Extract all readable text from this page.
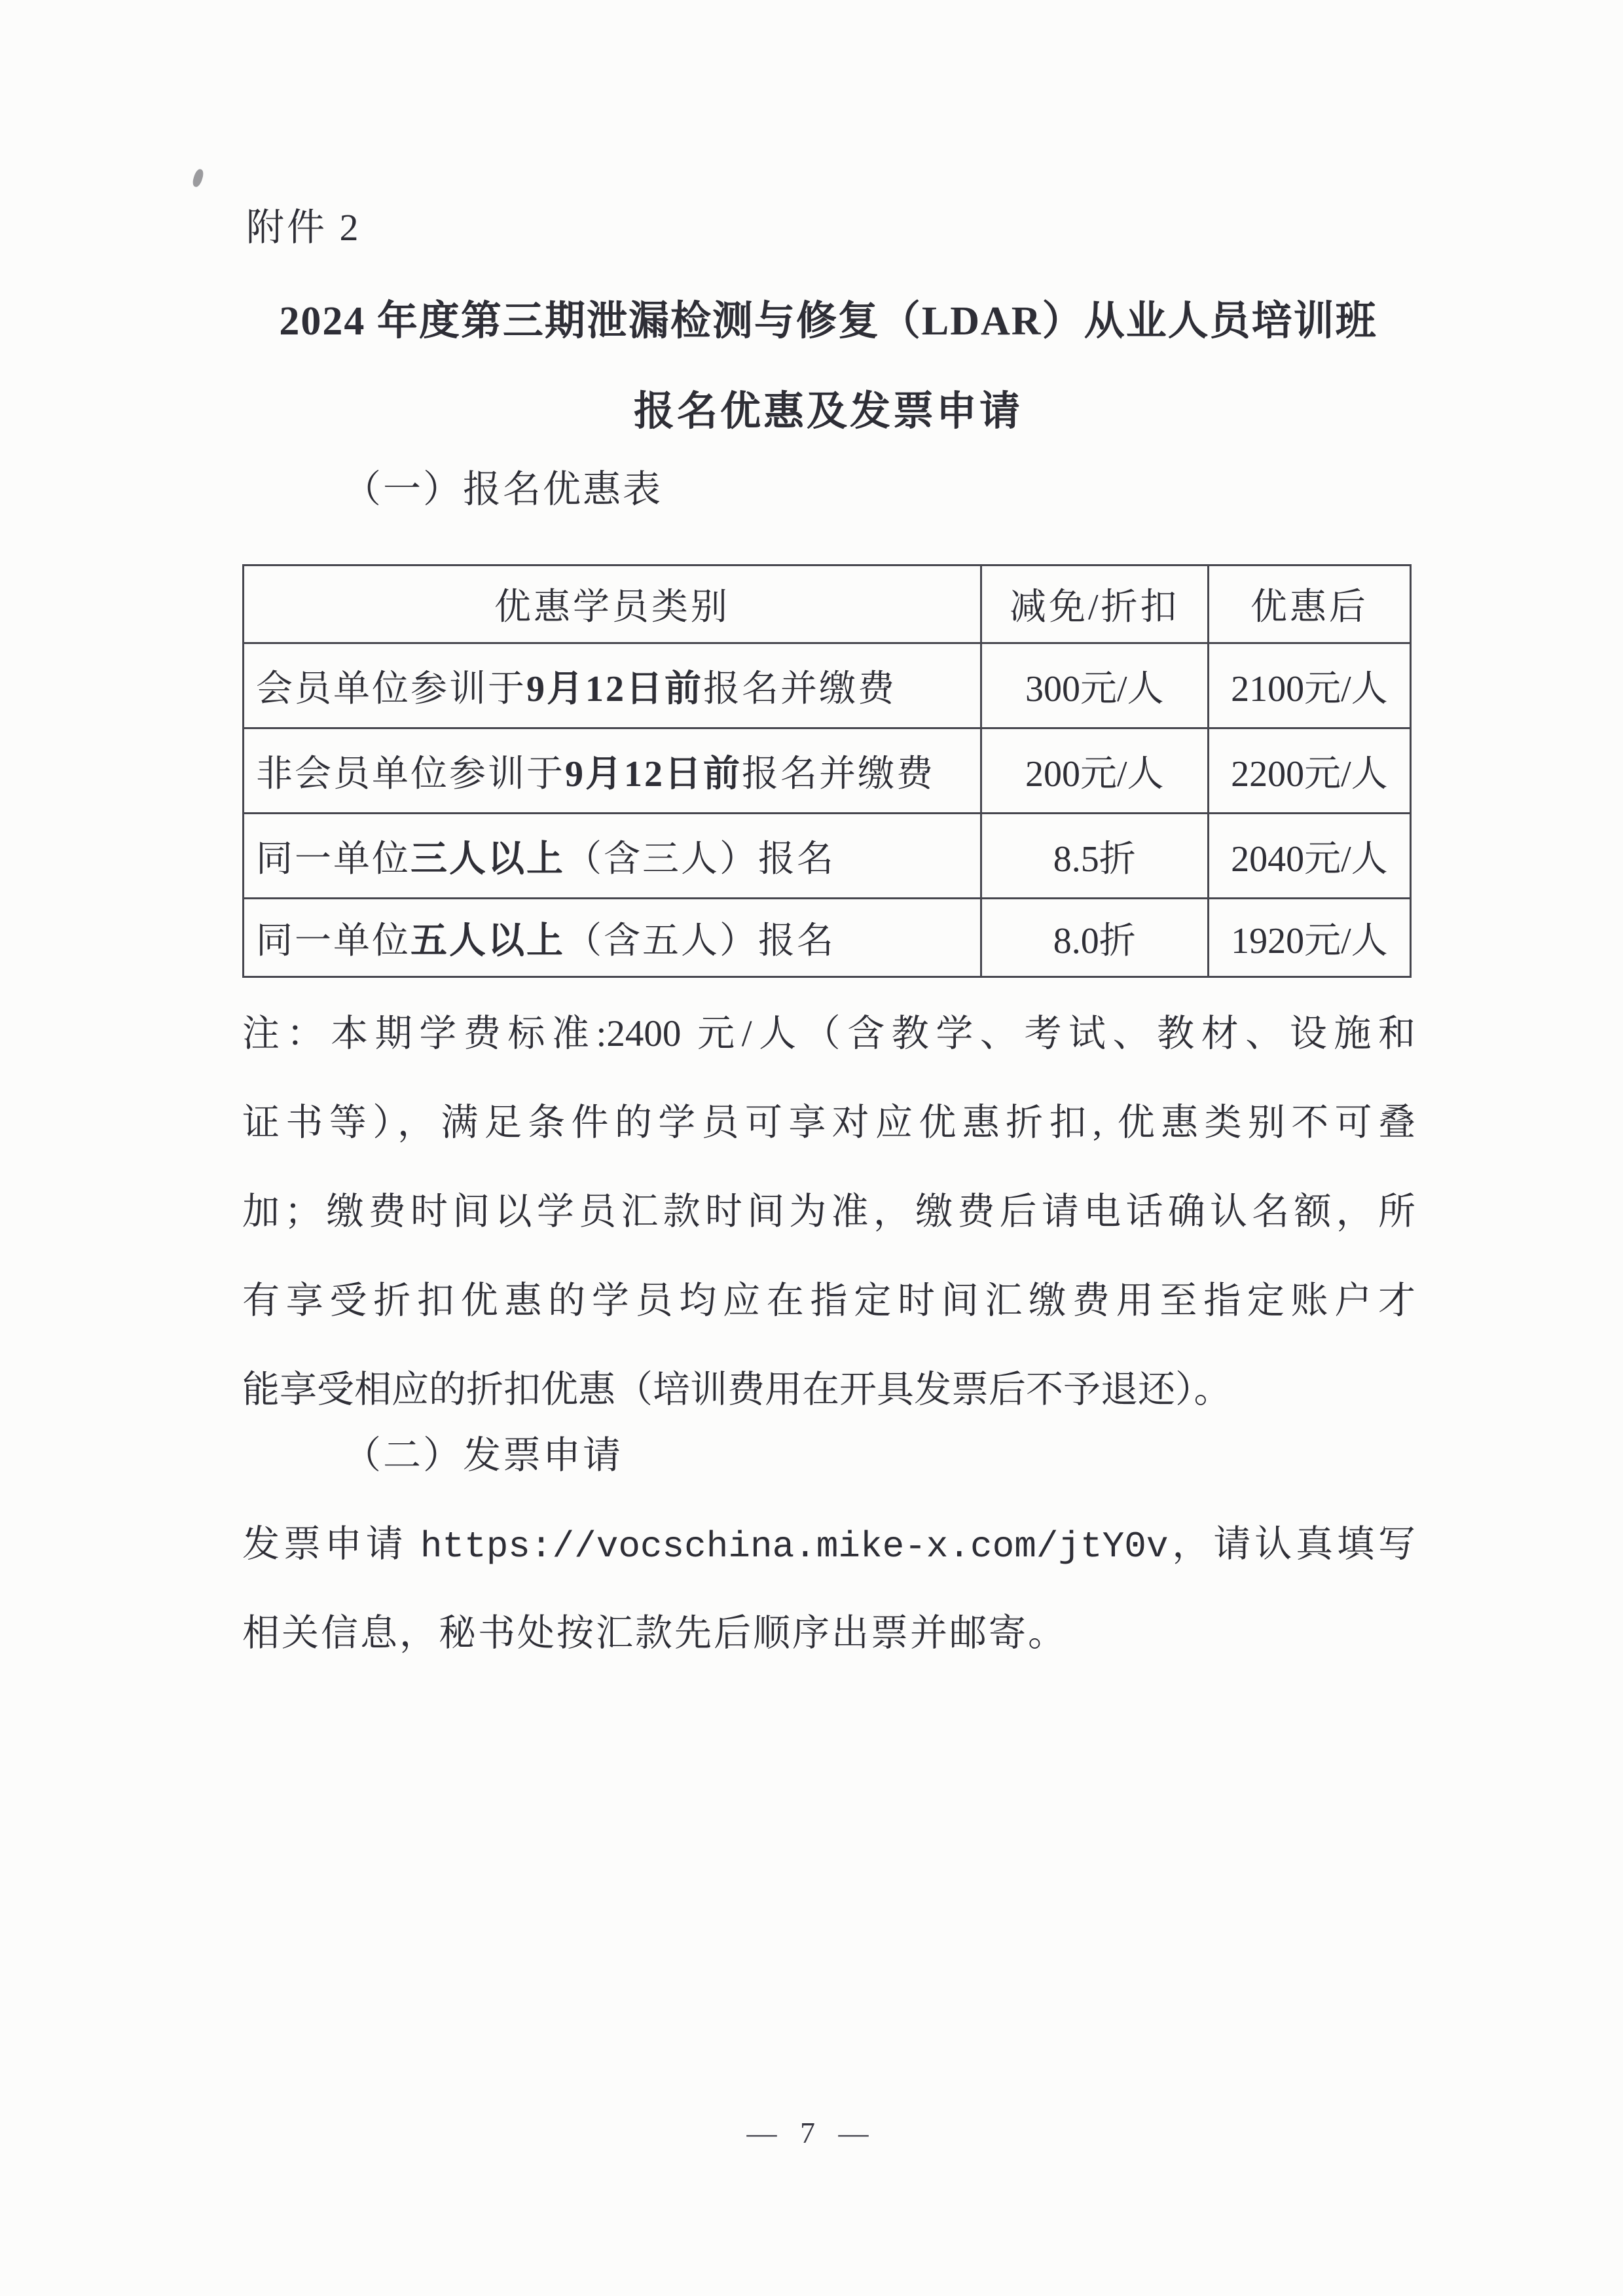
附件 2
2024 年度第三期泄漏检测与修复（LDAR）从业人员培训班
报名优惠及发票申请
（一）报名优惠表
优惠学员类别	减免/折扣	优惠后
会员单位参训于 9月12日前 报名并缴费	300元/人	2100元/人
非会员单位参训于 9月12日前 报名并缴费	200元/人	2200元/人
同一单位 三人以上 （含三人）报名	8.5折	2040元/人
同一单位 五人以上 （含五人）报名	8.0折	1920元/人
注：本期学费标准:2400 元/人（含教学、考试、教材、设施和
证书等），满足条件的学员可享对应优惠折扣, 优惠类别不可叠
加；缴费时间以学员汇款时间为准，缴费后请电话确认名额，所
有享受折扣优惠的学员均应在指定时间汇缴费用至指定账户才
能享受相应的折扣优惠（培训费用在开具发票后不予退还）。
（二）发票申请
发票申请 https://vocschina.mike-x.com/jtY0v，请认真填写
相关信息，秘书处按汇款先后顺序出票并邮寄。
— 7 —
